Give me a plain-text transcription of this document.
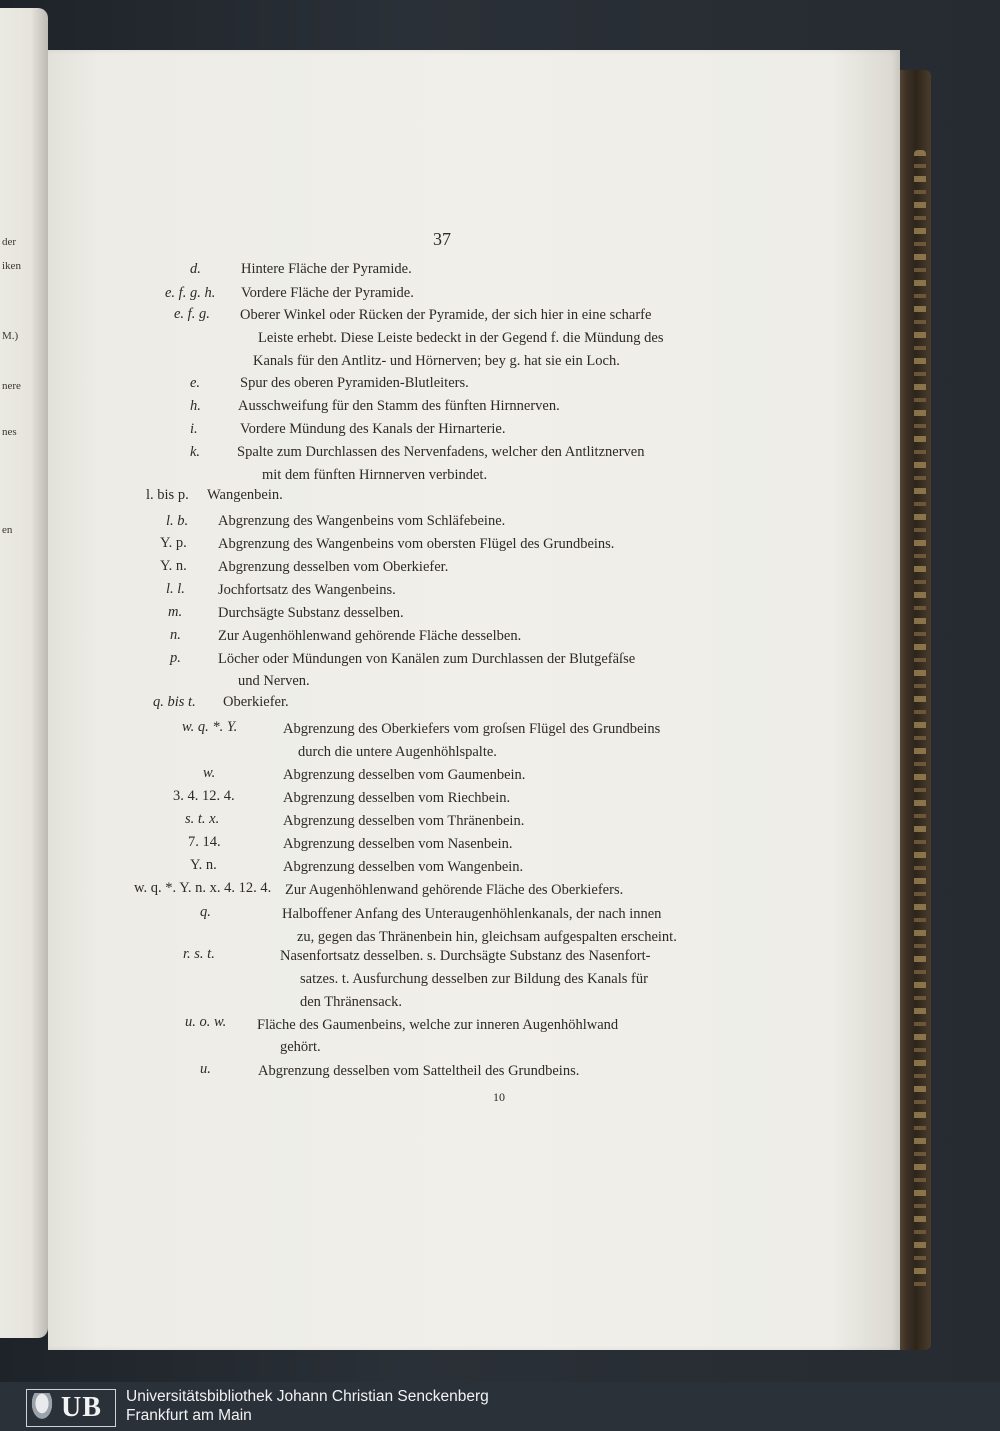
der
iken
M.)
nere
nes
en
37
d.	Hintere Fläche der Pyramide.
e. f. g. h. Vordere Fläche der Pyramide.
e. f. g. Oberer Winkel oder Rücken der Pyramide, der sich hier in eine scharfe
Leiste erhebt. Diese Leiste bedeckt in der Gegend f. die Mündung des
Kanals für den Antlitz- und Hörnerven; bey g. hat sie ein Loch.
e.	Spur des oberen Pyramiden-Blutleiters.
h.	Ausschweifung für den Stamm des fünften Hirnnerven.
i.	Vordere Mündung des Kanals der Hirnarterie.
k.	Spalte zum Durchlassen des Nervenfadens, welcher den Antlitznerven
mit dem fünften Hirnnerven verbindet.
l. bis p. Wangenbein.
l. b. Abgrenzung des Wangenbeins vom Schläfebeine.
Y. p. Abgrenzung des Wangenbeins vom obersten Flügel des Grundbeins.
Y. n. Abgrenzung desselben vom Oberkiefer.
l. l. Jochfortsatz des Wangenbeins.
m. Durchsägte Substanz desselben.
n.	Zur Augenhöhlenwand gehörende Fläche desselben.
p.	Löcher oder Mündungen von Kanälen zum Durchlassen der Blutgefäſse
und Nerven.
q. bis t. Oberkiefer.
w. q. *. Y.	Abgrenzung des Oberkiefers vom groſsen Flügel des Grundbeins
durch die untere Augenhöhlspalte.
w.	Abgrenzung desselben vom Gaumenbein.
3. 4. 12. 4.	Abgrenzung desselben vom Riechbein.
s. t. x.	Abgrenzung desselben vom Thränenbein.
7. 14.	Abgrenzung desselben vom Nasenbein.
Y. n.	Abgrenzung desselben vom Wangenbein.
w. q. *. Y. n. x. 4. 12. 4. Zur Augenhöhlenwand gehörende Fläche des Oberkiefers.
q.	Halboffener Anfang des Unteraugenhöhlenkanals, der nach innen
zu, gegen das Thränenbein hin, gleichsam aufgespalten erscheint.
r. s. t.	Nasenfortsatz desselben. s. Durchsägte Substanz des Nasenfort-
satzes. t. Ausfurchung desselben zur Bildung des Kanals für
den Thränensack.
u. o. w. Fläche des Gaumenbeins, welche zur inneren Augenhöhlwand
gehört.
u.	Abgrenzung desselben vom Satteltheil des Grundbeins.
10
UB Universitätsbibliothek Johann Christian Senckenberg
Frankfurt am Main
